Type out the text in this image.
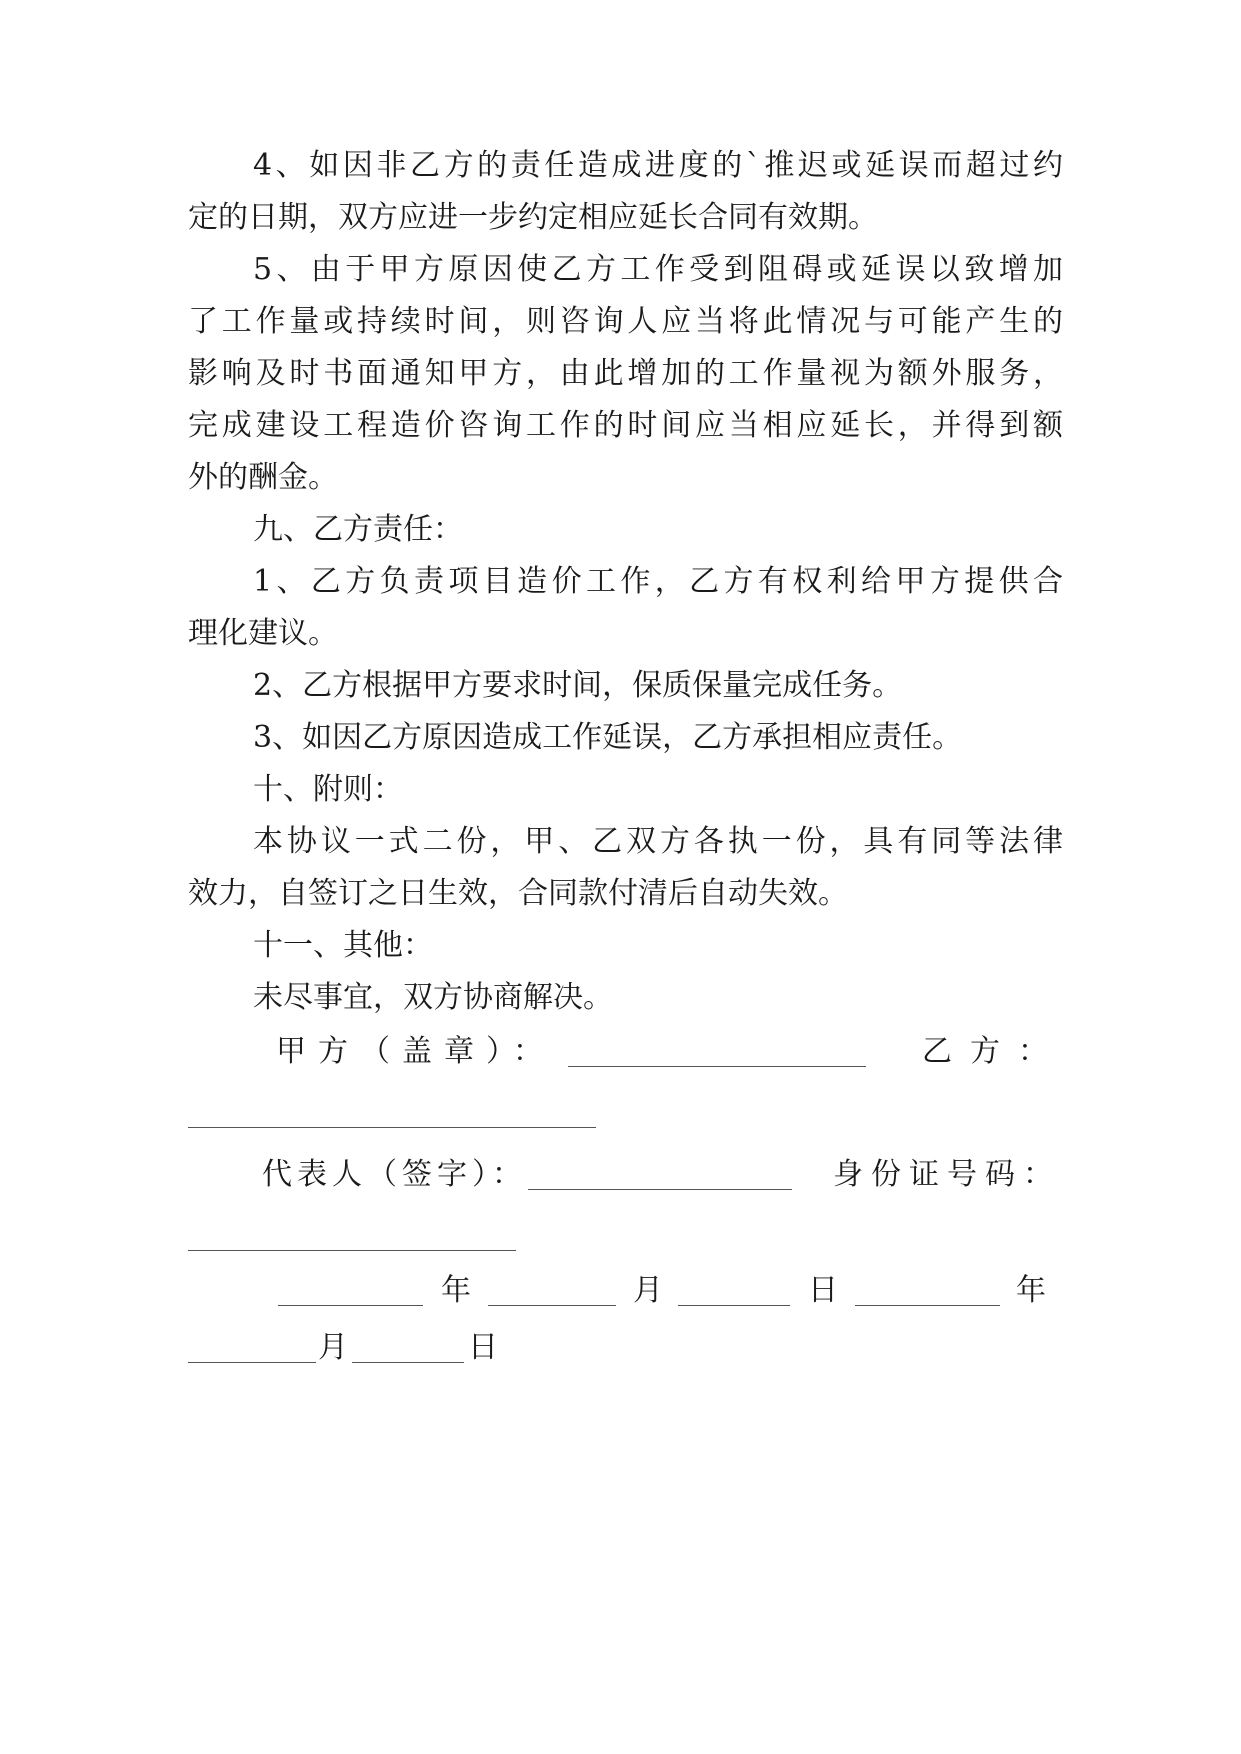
4、如因非乙方的责任造成进度的`推迟或延误而超过约
定的日期，双方应进一步约定相应延长合同有效期。
5、由于甲方原因使乙方工作受到阻碍或延误以致增加
了工作量或持续时间，则咨询人应当将此情况与可能产生的
影响及时书面通知甲方，由此增加的工作量视为额外服务，
完成建设工程造价咨询工作的时间应当相应延长，并得到额
外的酬金。
九、乙方责任：
1、乙方负责项目造价工作，乙方有权利给甲方提供合
理化建议。
2、乙方根据甲方要求时间，保质保量完成任务。
3、如因乙方原因造成工作延误，乙方承担相应责任。
十、附则：
本协议一式二份，甲、乙双方各执一份，具有同等法律
效力，自签订之日生效，合同款付清后自动失效。
十一、其他：
未尽事宜，双方协商解决。
甲方（盖章）：	乙方：
代表人（签字）：	身份证号码：
年	月	日	年
月	日
